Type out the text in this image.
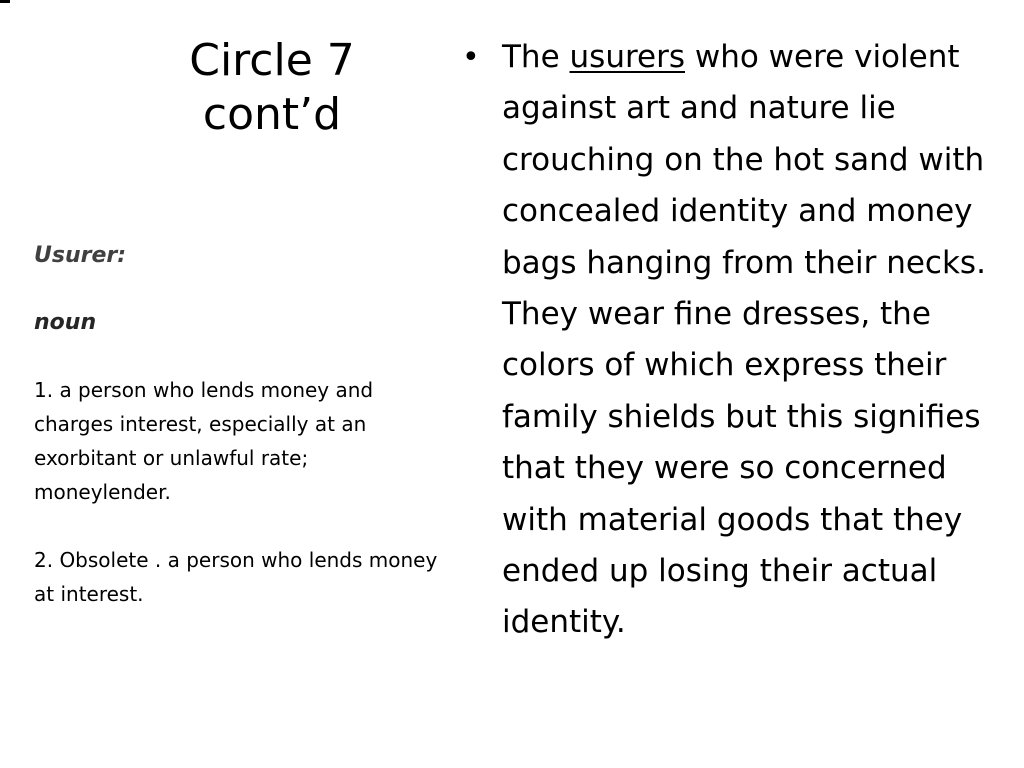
Circle 7
cont’d

Usurer:

noun

1. a person who lends money and charges interest, especially at an exorbitant or unlawful rate; moneylender.

2. Obsolete . a person who lends money at interest.

• The usurers who were violent against art and nature lie crouching on the hot sand with concealed identity and money bags hanging from their necks. They wear fine dresses, the colors of which express their family shields but this signifies that they were so concerned with material goods that they ended up losing their actual identity.
